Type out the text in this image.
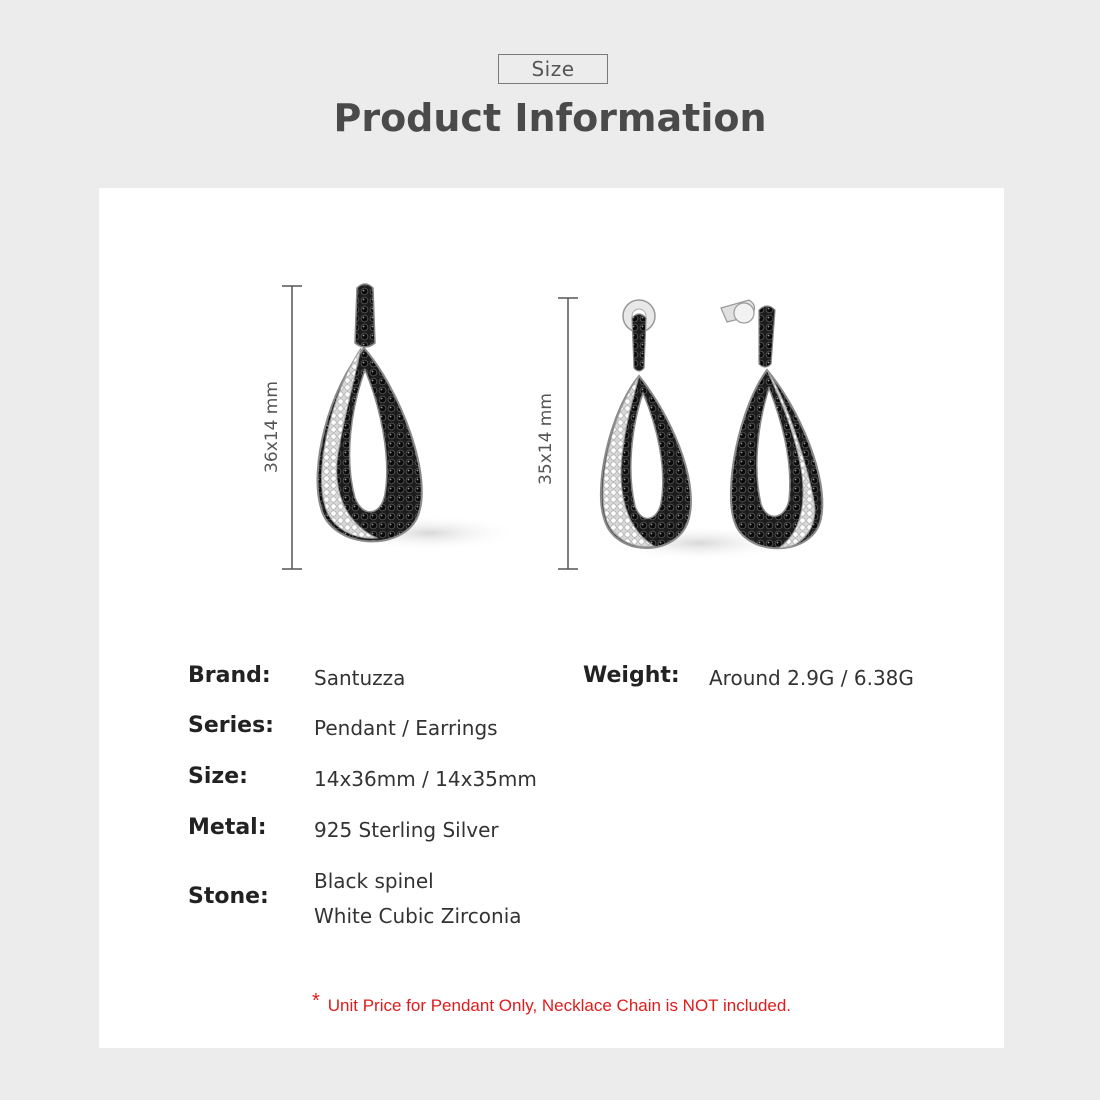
Size
Product Information
36x14 mm	35x14 mm
Brand: Santuzza	Weight: Around 2.9G / 6.38G
Series: Pendant / Earrings
Size:	14x36mm / 14x35mm
Metal: 925 Sterling Silver
Stone:
Black spinel
White Cubic Zirconia
* Unit Price for Pendant Only, Necklace Chain is NOT included.
